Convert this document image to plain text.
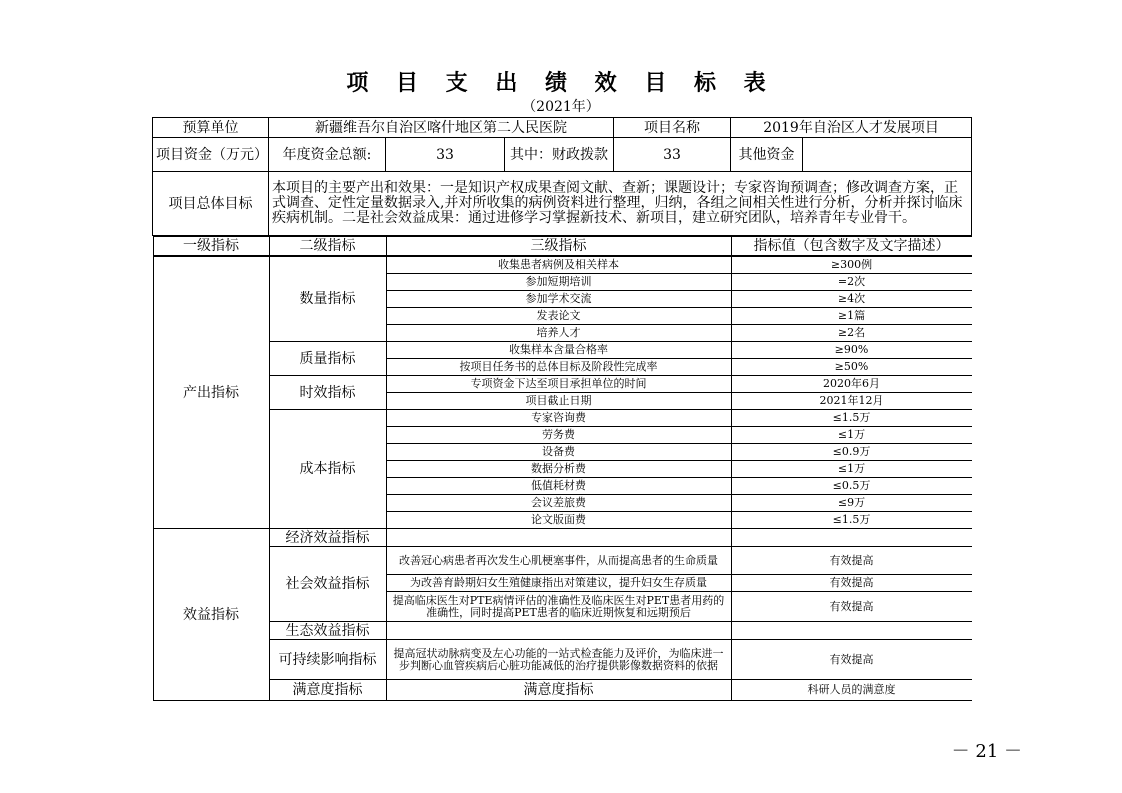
项 目 支 出 绩 效 目 标 表
（2021年）
预算单位	新疆维吾尔自治区喀什地区第二人民医院	项目名称	2019年自治区人才发展项目
项目资金（万元）	年度资金总额:	33	其中：财政拨款	33	其他资金	
项目总体目标	本项目的主要产出和效果：一是知识产权成果查阅文献、查新；课题设计；专家咨询预调查；修改调查方案，正式调查、定性定量数据录入,并对所收集的病例资料进行整理，归纳，各组之间相关性进行分析，分析并探讨临床疾病机制。二是社会效益成果：通过进修学习掌握新技术、新项目，建立研究团队，培养青年专业骨干。

一级指标	二级指标	三级指标	指标值（包含数字及文字描述）

产出指标	数量指标	收集患者病例及相关样本	≥300例
参加短期培训	=2次
参加学术交流	≥4次
发表论文	≥1篇
培养人才	≥2名
质量指标	收集样本含量合格率	≥90%
按项目任务书的总体目标及阶段性完成率	≥50%
时效指标	专项资金下达至项目承担单位的时间	2020年6月
项目截止日期	2021年12月
成本指标	专家咨询费	≤1.5万
劳务费	≤1万
设备费	≤0.9万
数据分析费	≤1万
低值耗材费	≤0.5万
会议差旅费	≤9万
论文版面费	≤1.5万
效益指标	经济效益指标		
社会效益指标	改善冠心病患者再次发生心肌梗塞事件，从而提高患者的生命质量	有效提高
为改善育龄期妇女生殖健康指出对策建议，提升妇女生存质量	有效提高
提高临床医生对PTE病情评估的准确性及临床医生对PET患者用药的准确性，同时提高PET患者的临床近期恢复和远期预后	有效提高
生态效益指标		
可持续影响指标	提高冠状动脉病变及左心功能的一站式检查能力及评价，为临床进一步判断心血管疾病后心脏功能减低的治疗提供影像数据资料的依据	有效提高
满意度指标	满意度指标	科研人员的满意度	
－ 21 －
